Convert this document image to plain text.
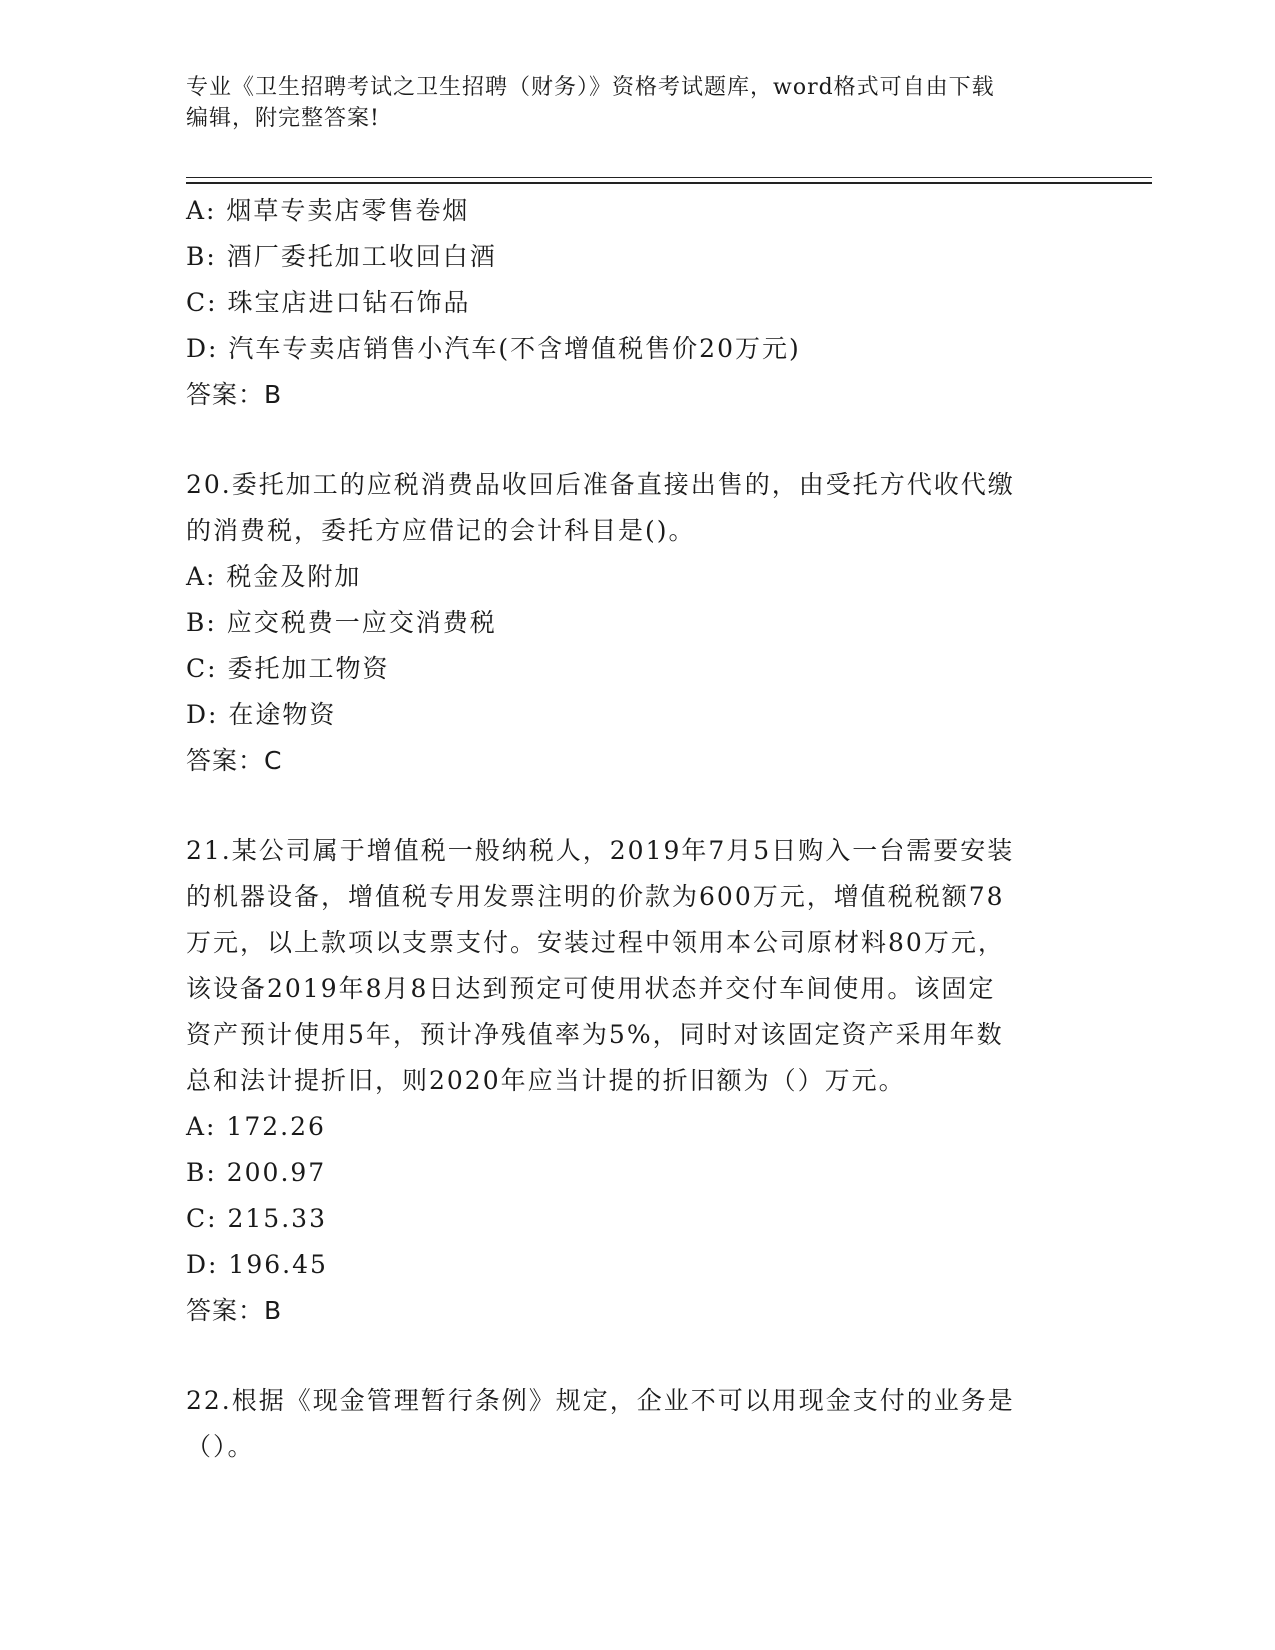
专业《卫生招聘考试之卫生招聘（财务）》资格考试题库，word格式可自由下载
编辑，附完整答案!
A: 烟草专卖店零售卷烟
B: 酒厂委托加工收回白酒
C: 珠宝店进口钻石饰品
D: 汽车专卖店销售小汽车(不含增值税售价20万元)
答案：B
20.委托加工的应税消费品收回后准备直接出售的，由受托方代收代缴
的消费税，委托方应借记的会计科目是()。
A: 税金及附加
B: 应交税费一应交消费税
C: 委托加工物资
D: 在途物资
答案：C
21.某公司属于增值税一般纳税人，2019年7月5日购入一台需要安装
的机器设备，增值税专用发票注明的价款为600万元，增值税税额78
万元，以上款项以支票支付。安装过程中领用本公司原材料80万元，
该设备2019年8月8日达到预定可使用状态并交付车间使用。该固定
资产预计使用5年，预计净残值率为5%，同时对该固定资产采用年数
总和法计提折旧，则2020年应当计提的折旧额为（）万元。
A: 172.26
B: 200.97
C: 215.33
D: 196.45
答案：B
22.根据《现金管理暂行条例》规定，企业不可以用现金支付的业务是
（）。
